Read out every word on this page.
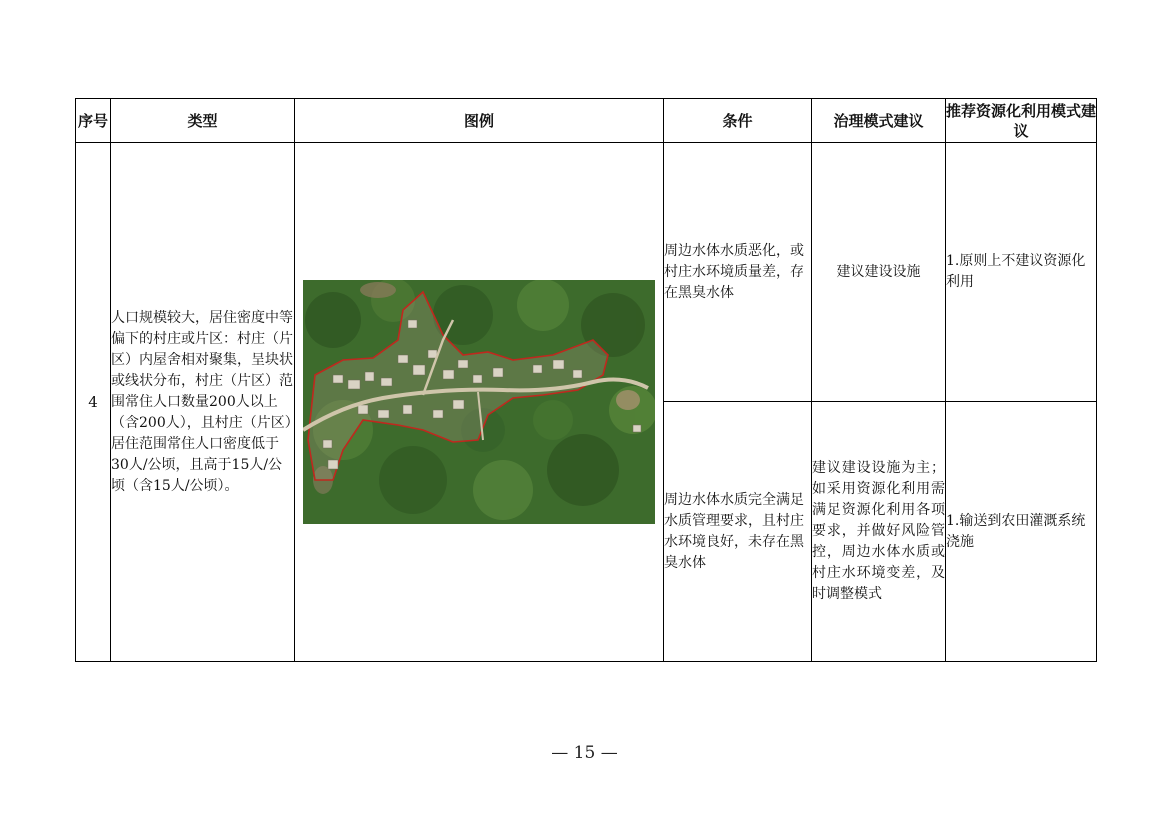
序号	类型	图例	条件	治理模式建议	推荐资源化利用模式建议
4	人口规模较大，居住密度中等偏下的村庄或片区：村庄（片区）内屋舍相对聚集，呈块状或线状分布，村庄（片区）范围常住人口数量200人以上（含200人），且村庄（片区）居住范围常住人口密度低于30人/公顷，且高于15人/公顷（含15人/公顷）。		周边水体水质恶化，或村庄水环境质量差，存在黑臭水体	建议建设设施	1.原则上不建议资源化利用
			周边水体水质完全满足水质管理要求，且村庄水环境良好，未存在黑臭水体	建议建设设施为主；如采用资源化利用需满足资源化利用各项要求，并做好风险管控，周边水体水质或村庄水环境变差，及时调整模式	1.输送到农田灌溉系统浇施
— 15 —
